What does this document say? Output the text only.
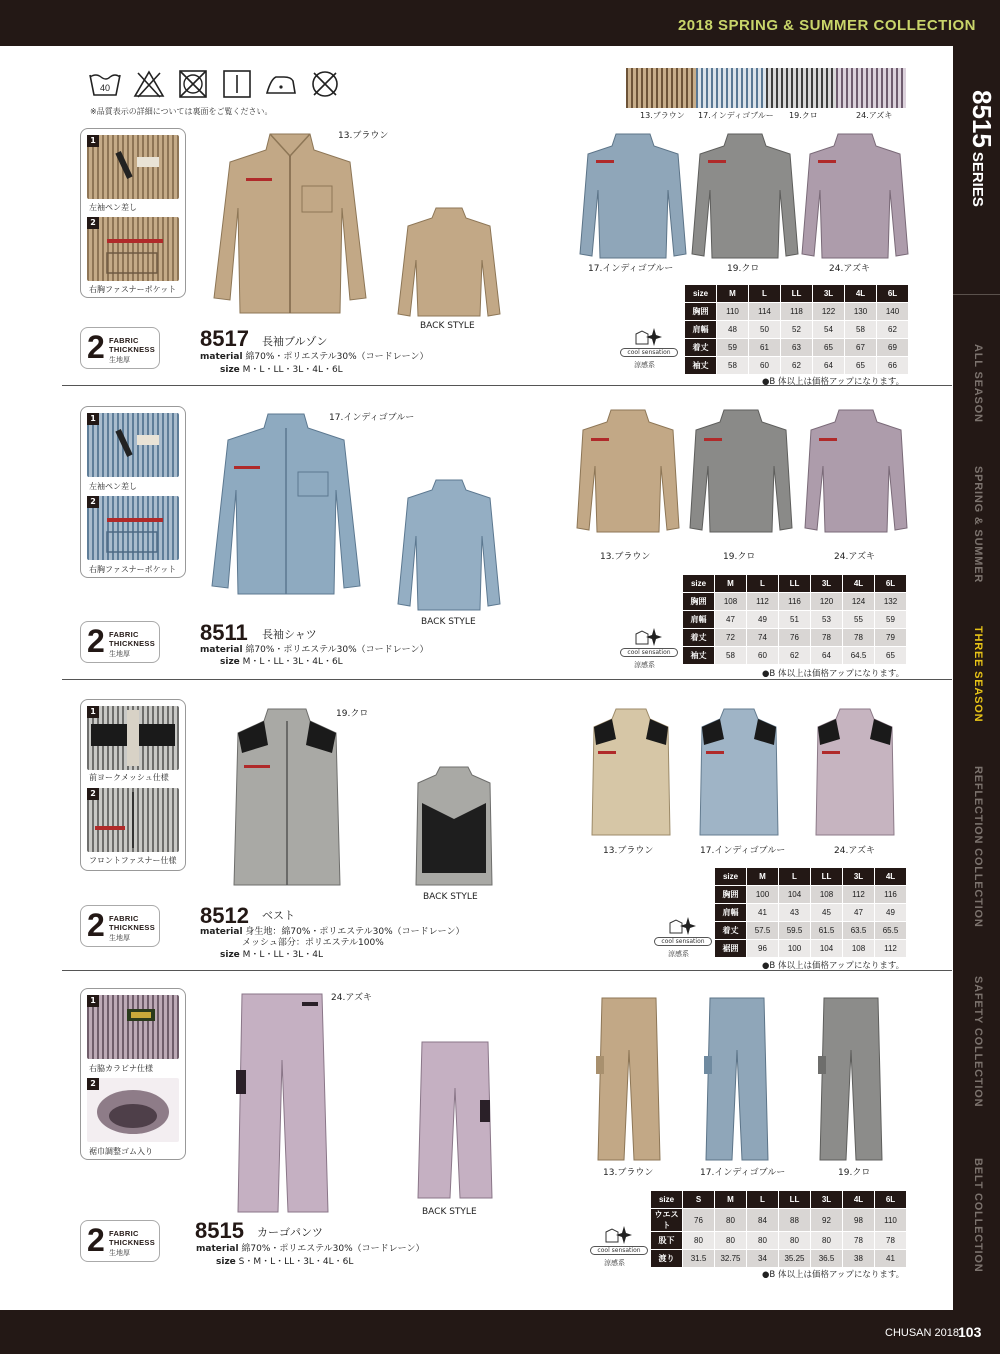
2018 SPRING & SUMMER COLLECTION
8515SERIES
ALL SEASON
SPRING & SUMMER
THREE SEASON
REFLECTION COLLECTION
SAFETY COLLECTION
BELT COLLECTION
CHUSAN 2018 103
40
※品質表示の詳細については裏面をご覧ください。	13.ブラウン 17.インディゴブルー 19.クロ	24.アズキ
1
左袖ペン差し
2
右胸ファスナーポケット
13.ブラウン
BACK STYLE
2 FABRIC
THICKNESS
生地厚
8517 長袖ブルゾン
material 綿70%・ポリエステル30%（コードレーン）
size M・L・LL・3L・4L・6L
17.インディゴブルー	19.クロ	24.アズキ
cool sensation
涼感系
size	M	L	LL	3L	4L	6L
胸囲	110	114	118	122	130	140
肩幅	48	50	52	54	58	62
着丈	59	61	63	65	67	69
袖丈	58	60	62	64	65	66
●B 体以上は価格アップになります。
1
左袖ペン差し
2
右胸ファスナーポケット
17.インディゴブルー
BACK STYLE
2 FABRIC
THICKNESS
生地厚
8511 長袖シャツ
material 綿70%・ポリエステル30%（コードレーン）
size M・L・LL・3L・4L・6L
13.ブラウン	19.クロ	24.アズキ
cool sensation
涼感系
size	M	L	LL	3L	4L	6L
胸囲	108	112	116	120	124	132
肩幅	47	49	51	53	55	59
着丈	72	74	76	78	78	79
袖丈	58	60	62	64	64.5	65
●B 体以上は価格アップになります。
1
前ヨークメッシュ仕様
2
フロントファスナー仕様
19.クロ
BACK STYLE
2 FABRIC
THICKNESS
生地厚
8512 ベスト
material 身生地：綿70%・ポリエステル30%（コードレーン）
メッシュ部分：ポリエステル100%
size M・L・LL・3L・4L
13.ブラウン	17.インディゴブルー	24.アズキ
cool sensation
涼感系
size	M	L	LL	3L	4L
胸囲	100	104	108	112	116
肩幅	41	43	45	47	49
着丈	57.5	59.5	61.5	63.5	65.5
裾囲	96	100	104	108	112
●B 体以上は価格アップになります。
1
右脇カラビナ仕様
2
裾巾調整ゴム入り
24.アズキ
BACK STYLE
2 FABRIC
THICKNESS
生地厚
8515 カーゴパンツ
material 綿70%・ポリエステル30%（コードレーン）
size S・M・L・LL・3L・4L・6L
13.ブラウン	17.インディゴブルー	19.クロ
cool sensation
涼感系
size	S	M	L	LL	3L	4L	6L
ウエスト	76	80	84	88	92	98	110
股下	80	80	80	80	80	78	78
渡り	31.5	32.75	34	35.25	36.5	38	41
●B 体以上は価格アップになります。
